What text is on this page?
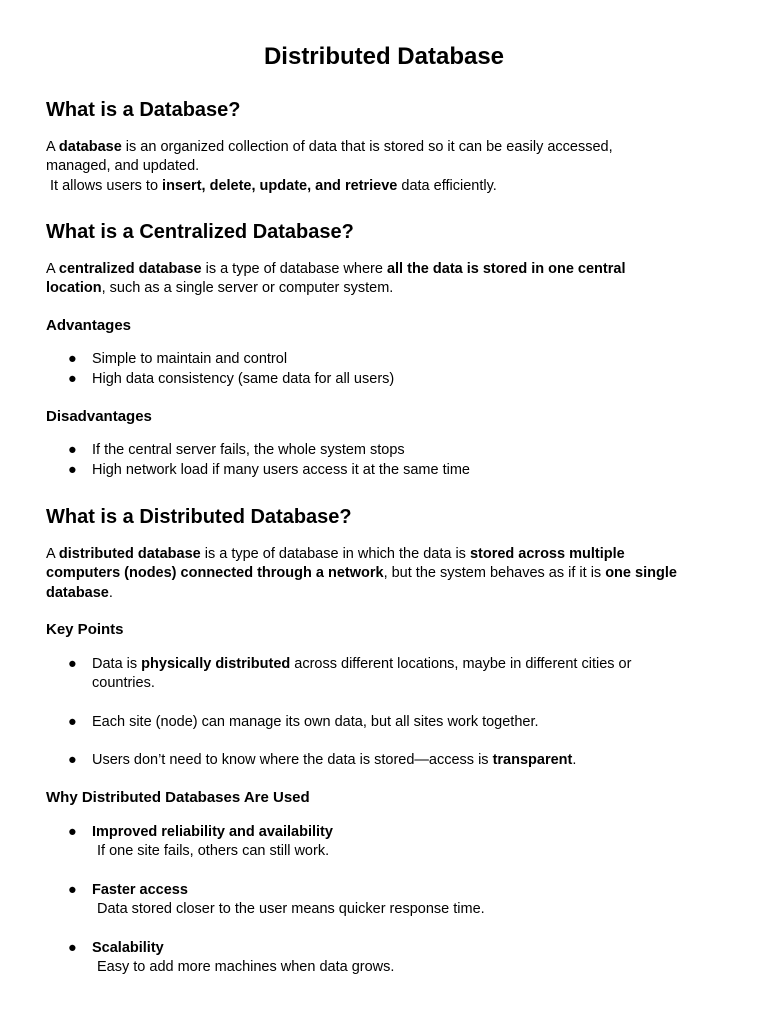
Distributed Database
What is a Database?

A database is an organized collection of data that is stored so it can be easily accessed,
managed, and updated.
It allows users to insert, delete, update, and retrieve data efficiently.

What is a Centralized Database?

A centralized database is a type of database where all the data is stored in one central
location, such as a single server or computer system.

Advantages
● Simple to maintain and control
● High data consistency (same data for all users)
Disadvantages
● If the central server fails, the whole system stops
● High network load if many users access it at the same time
What is a Distributed Database?

A distributed database is a type of database in which the data is stored across multiple
computers (nodes) connected through a network, but the system behaves as if it is one single
database.

Key Points
● Data is physically distributed across different locations, maybe in different cities or
countries.
● Each site (node) can manage its own data, but all sites work together.
● Users don’t need to know where the data is stored—access is transparent.
Why Distributed Databases Are Used
● Improved reliability and availability
If one site fails, others can still work.
● Faster access
Data stored closer to the user means quicker response time.
● Scalability
Easy to add more machines when data grows.
